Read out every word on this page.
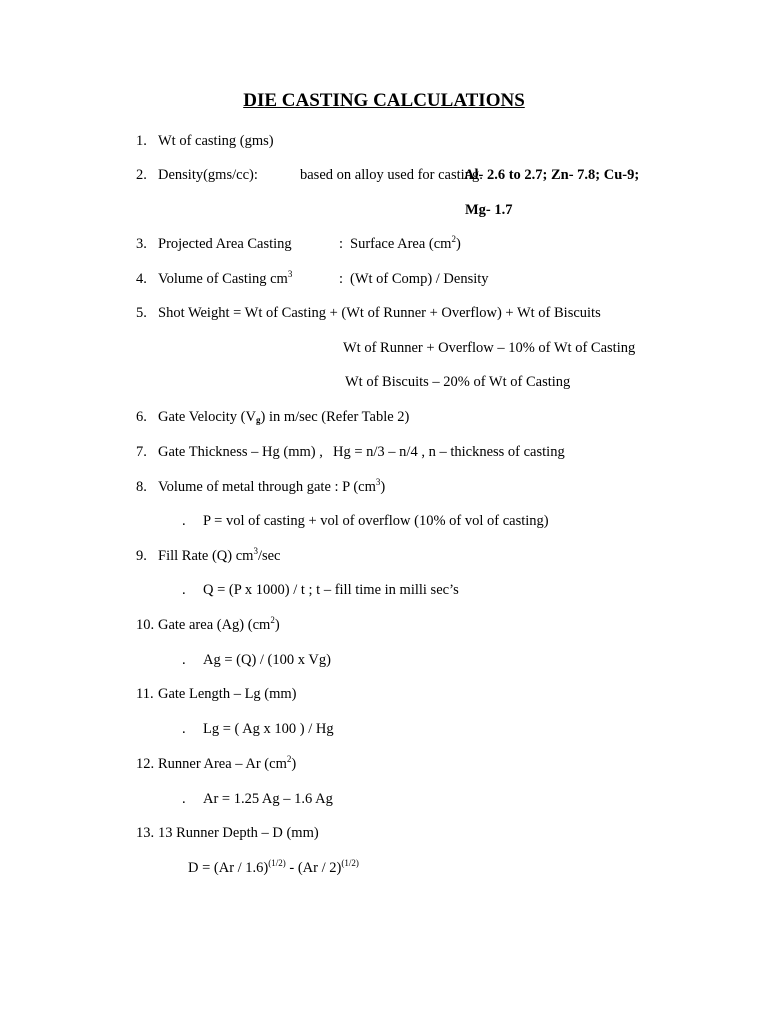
DIE CASTING CALCULATIONS
1. Wt of casting (gms)
2. Density(gms/cc):	based on alloy used for casting.
Al- 2.6 to 2.7; Zn- 7.8; Cu-9;
Mg- 1.7
3. Projected Area Casting	: Surface Area $(cm^2)$
4. Volume of Casting $cm^3$	: (Wt of Comp) / Density
5. Shot Weight = Wt of Casting + (Wt of Runner + Overflow) + Wt of Biscuits
Wt of Runner + Overflow – 10% of Wt of Casting
Wt of Biscuits – 20% of Wt of Casting
6. Gate Velocity $(V_g)$ in m/sec (Refer Table 2)
7. Gate Thickness – Hg (mm) , Hg = n/3 – n/4 , n – thickness of casting
8. Volume of metal through gate : P $(cm^3)$
. P = vol of casting + vol of overflow (10% of vol of casting)
9. Fill Rate (Q) $cm^3/\sec$
. Q = (P x 1000) / t ; t – fill time in milli sec’s
10. Gate area (Ag) $(cm^2)$
. Ag = (Q) / (100 x Vg)
11. Gate Length – Lg (mm)
. Lg = ( Ag x 100 ) / Hg
12. Runner Area – Ar $(cm^2)$
. Ar = 1.25 Ag – 1.6 Ag
13. 13 Runner Depth – D (mm)
D = (Ar / 1.6)$^{(1/2)}$ - (Ar / 2)$^{(1/2)}$
